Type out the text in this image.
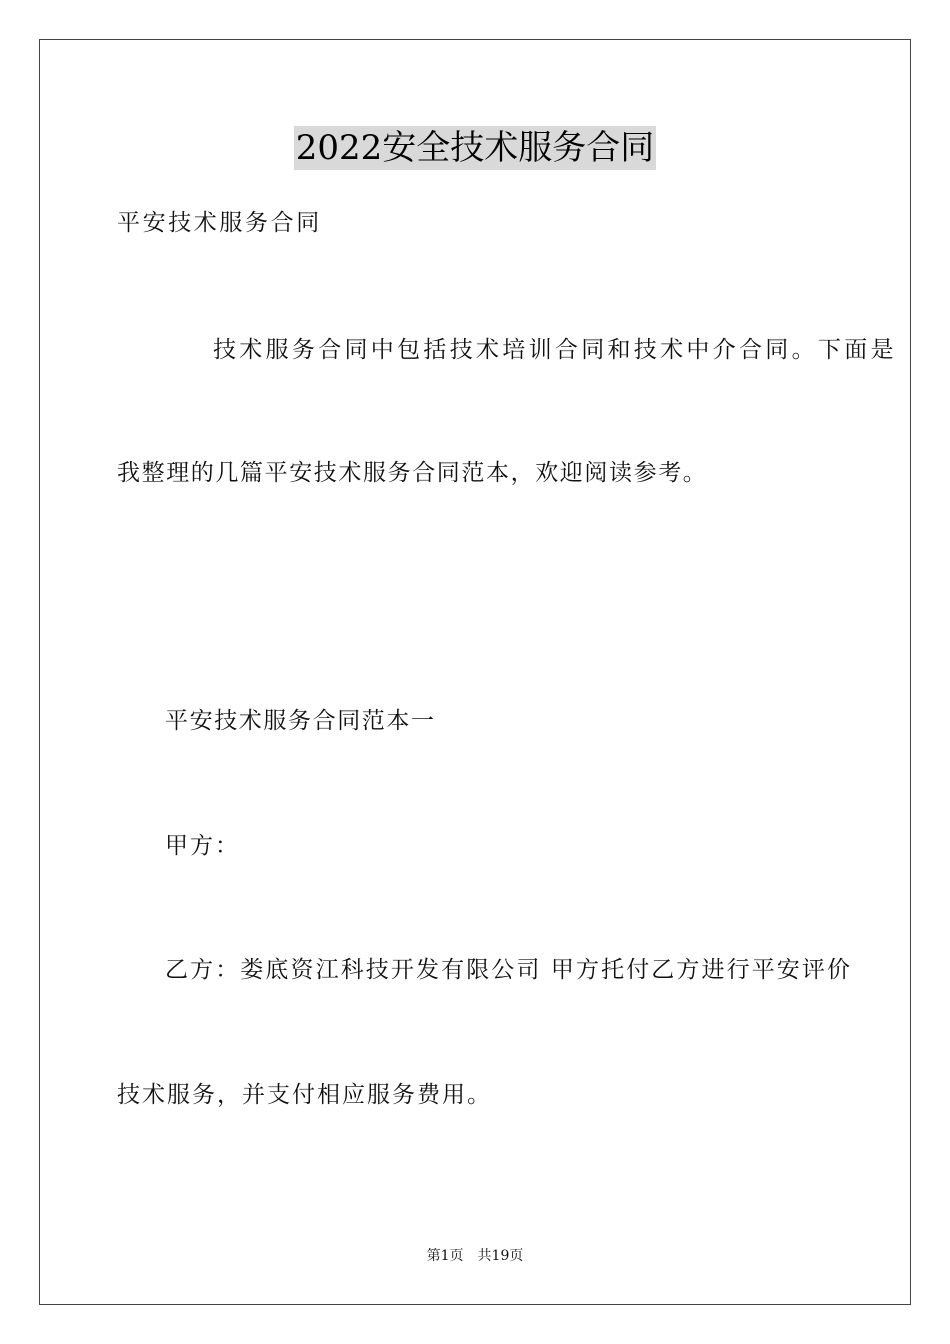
2022安全技术服务合同
平安技术服务合同
技术服务合同中包括技术培训合同和技术中介合同。下面是
我整理的几篇平安技术服务合同范本，欢迎阅读参考。
平安技术服务合同范本一
甲方：
乙方：娄底资江科技开发有限公司 甲方托付乙方进行平安评价
技术服务，并支付相应服务费用。
第1页 共19页
